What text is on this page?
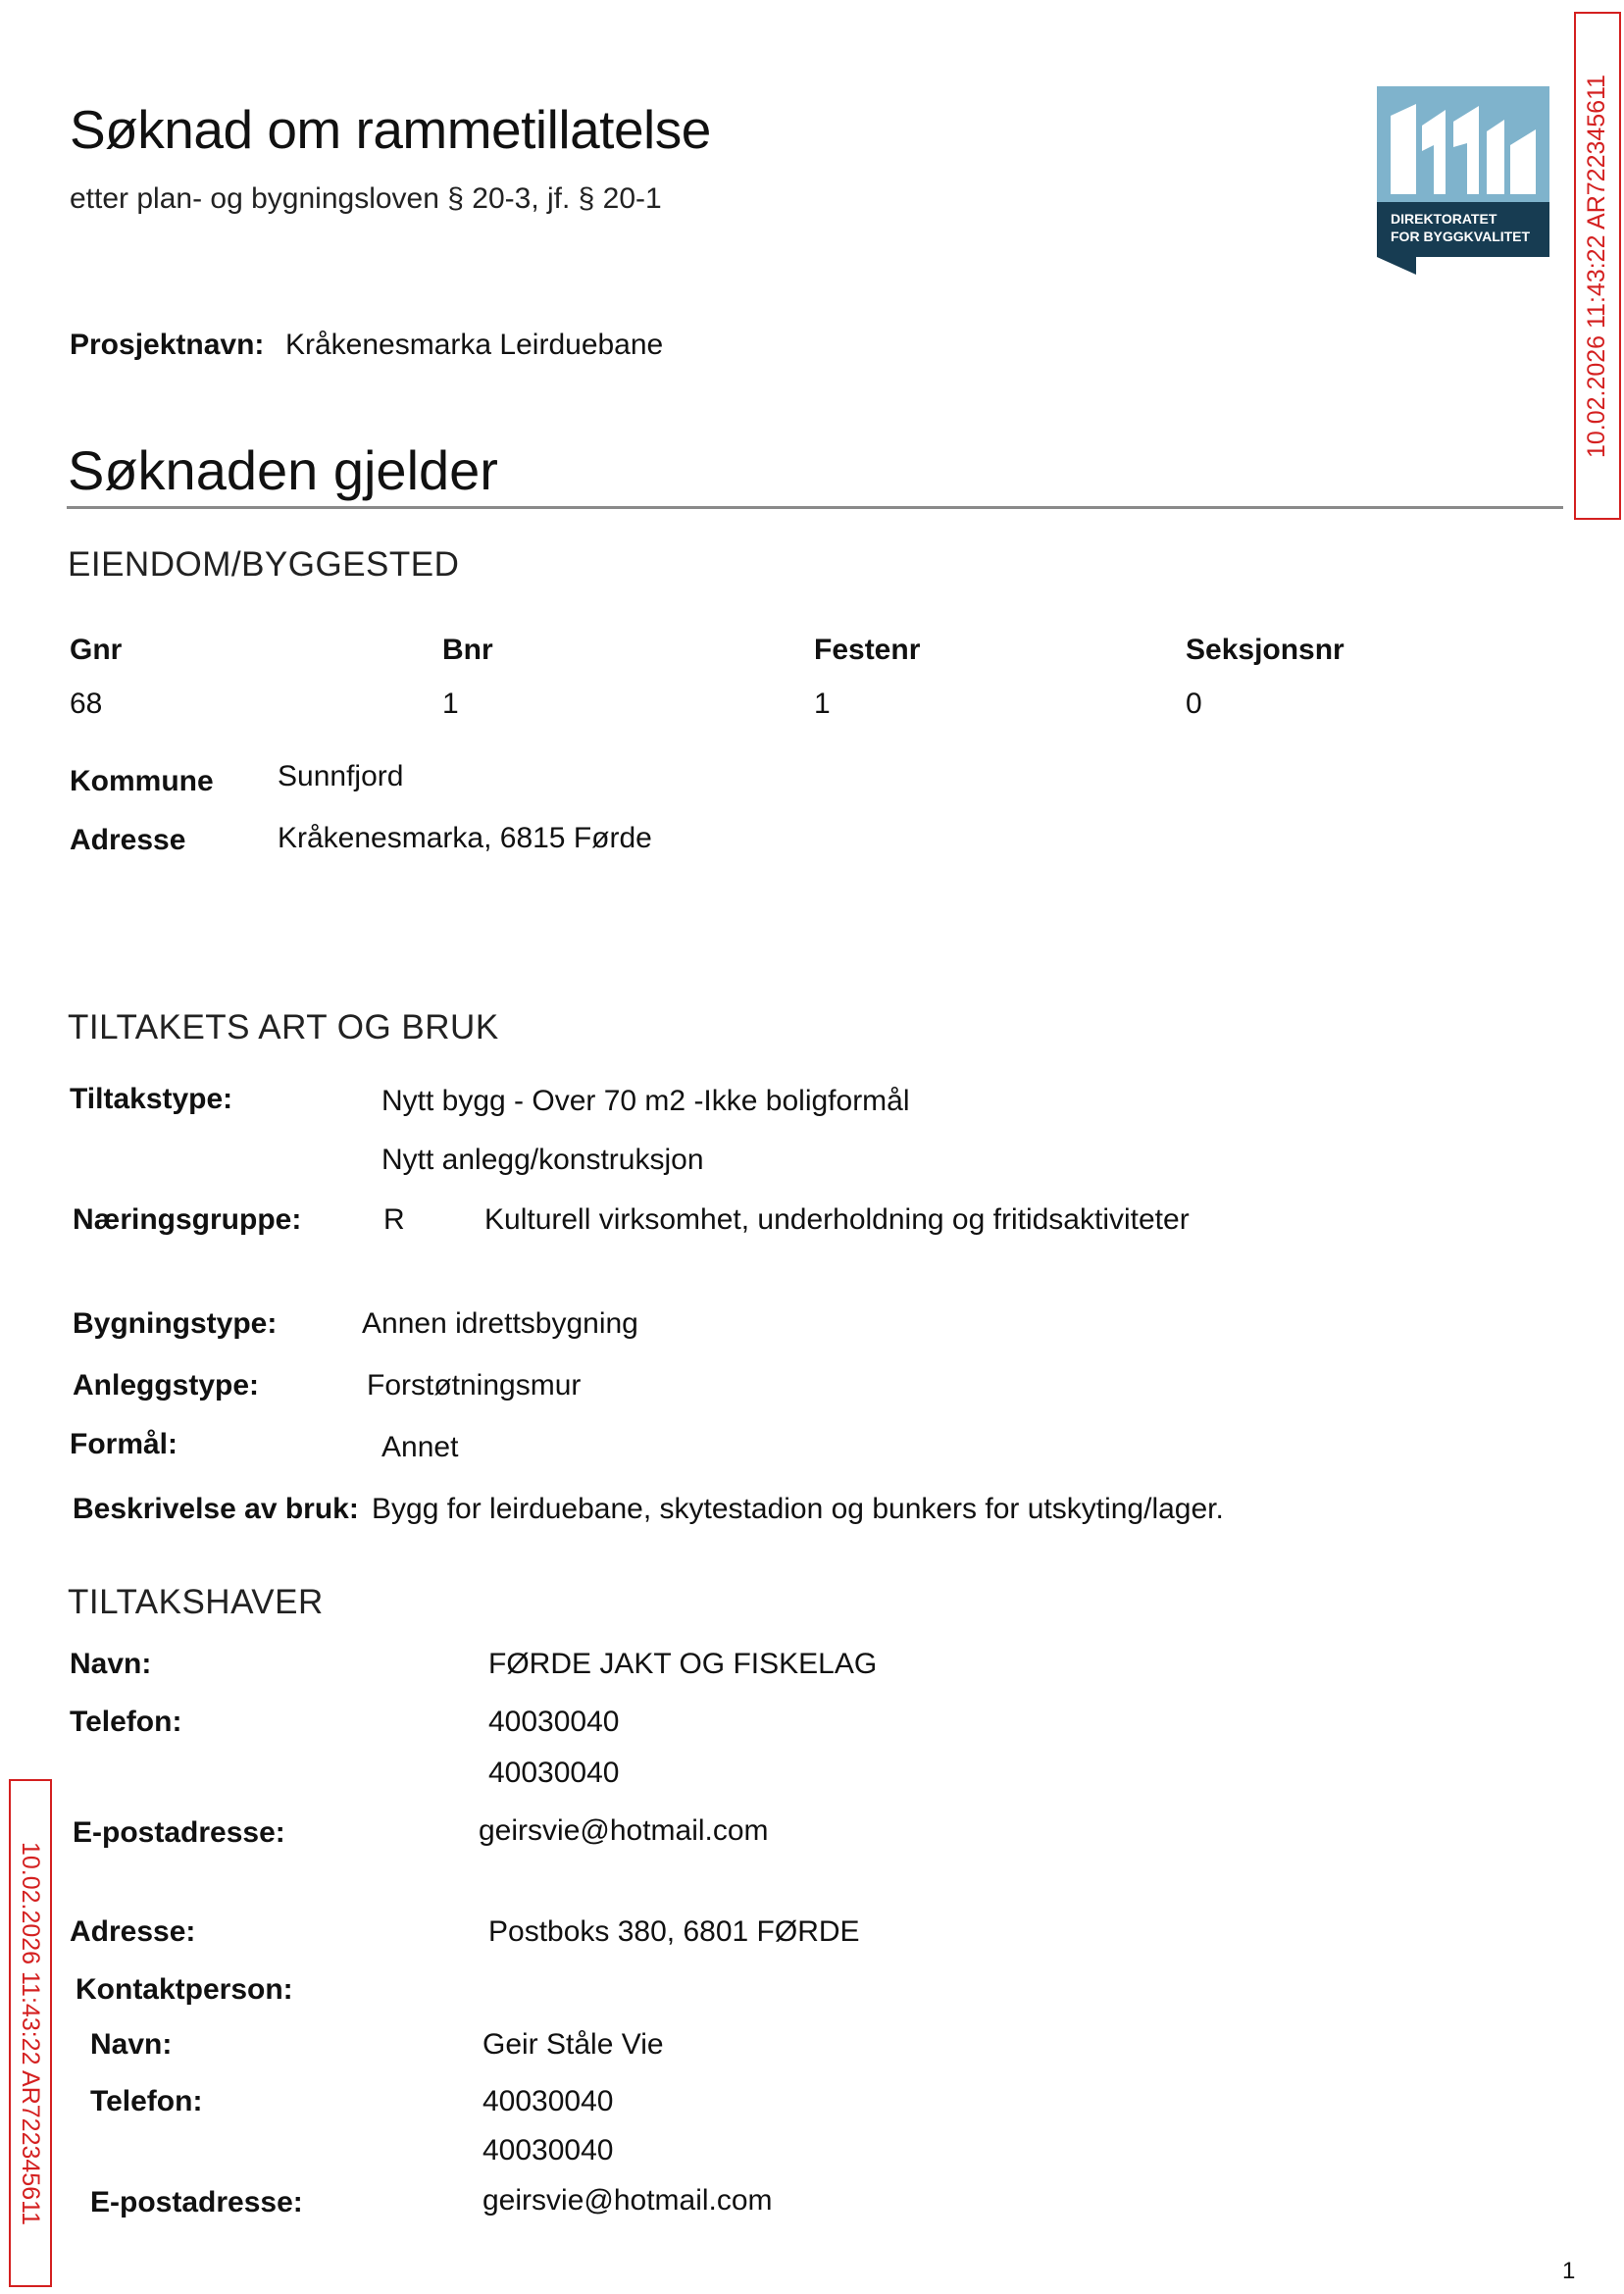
Søknad om rammetillatelse
etter plan- og bygningsloven § 20-3, jf. § 20-1
DIREKTORATET
FOR BYGGKVALITET 10.02.2026 11:43:22 AR722345611
10.02.2026 11:43:22 AR722345611
Prosjektnavn: Kråkenesmarka Leirduebane
Søknaden gjelder
EIENDOM/BYGGESTED
Gnr	Bnr	Festenr	Seksjonsnr
68	1	1	0
Kommune Sunnfjord
Adresse	Kråkenesmarka, 6815 Førde
TILTAKETS ART OG BRUK
Tiltakstype:	Nytt bygg - Over 70 m2 -Ikke boligformål
Nytt anlegg/konstruksjon
Næringsgruppe:	R	Kulturell virksomhet, underholdning og fritidsaktiviteter
Bygningstype:	Annen idrettsbygning
Anleggstype:	Forstøtningsmur
Formål:	Annet
Beskrivelse av bruk: Bygg for leirduebane, skytestadion og bunkers for utskyting/lager.
TILTAKSHAVER
Navn:	FØRDE JAKT OG FISKELAG
Telefon:	40030040
40030040
E-postadresse:	geirsvie@hotmail.com
Adresse:	Postboks 380, 6801 FØRDE
Kontaktperson:
Navn:	Geir Ståle Vie
Telefon:	40030040
40030040
E-postadresse:	geirsvie@hotmail.com
1
